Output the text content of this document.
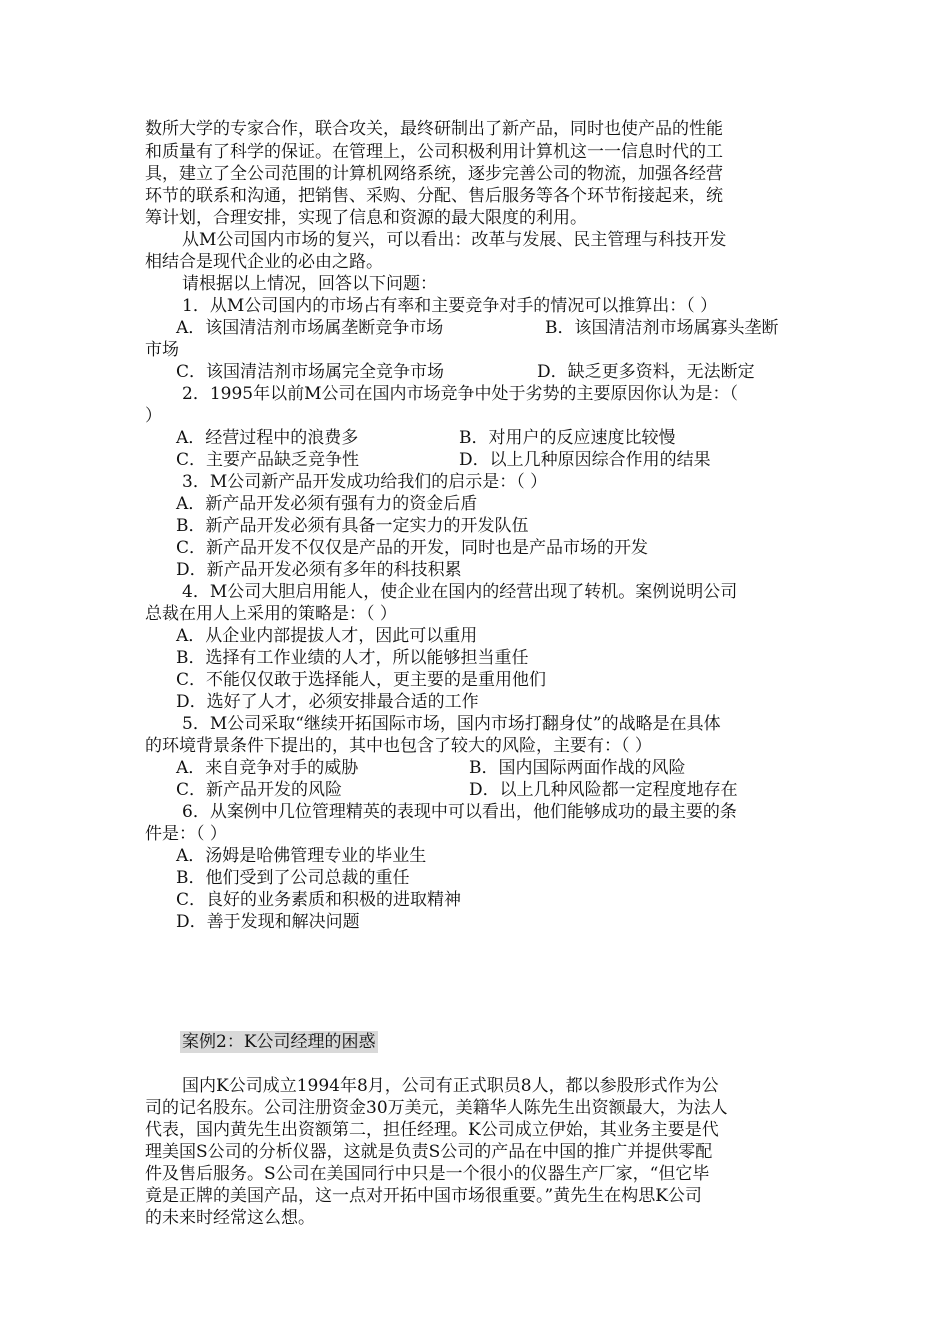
数所大学的专家合作，联合攻关，最终研制出了新产品，同时也使产品的性能

和质量有了科学的保证。在管理上，公司积极利用计算机这一一信息时代的工

具，建立了全公司范围的计算机网络系统，逐步完善公司的物流，加强各经营

环节的联系和沟通，把销售、采购、分配、售后服务等各个环节衔接起来，统

筹计划，合理安排，实现了信息和资源的最大限度的利用。

从M公司国内市场的复兴，可以看出：改革与发展、民主管理与科技开发

相结合是现代企业的必由之路。

请根据以上情况，回答以下问题：

1．从M公司国内的市场占有率和主要竞争对手的情况可以推算出：（ ）

A．该国清洁剂市场属垄断竞争市场	B．该国清洁剂市场属寡头垄断

市场

C．该国清洁剂市场属完全竞争市场	D．缺乏更多资料，无法断定

2．1995年以前M公司在国内市场竞争中处于劣势的主要原因你认为是：（

）

A．经营过程中的浪费多	B．对用户的反应速度比较慢

C．主要产品缺乏竞争性	D．以上几种原因综合作用的结果

3．M公司新产品开发成功给我们的启示是：（ ）

A．新产品开发必须有强有力的资金后盾

B．新产品开发必须有具备一定实力的开发队伍

C．新产品开发不仅仅是产品的开发，同时也是产品市场的开发

D．新产品开发必须有多年的科技积累

4．M公司大胆启用能人，使企业在国内的经营出现了转机。案例说明公司

总裁在用人上采用的策略是：（ ）

A．从企业内部提拔人才，因此可以重用

B．选择有工作业绩的人才，所以能够担当重任

C．不能仅仅敢于选择能人，更主要的是重用他们

D．选好了人才，必须安排最合适的工作

5．M公司采取“继续开拓国际市场，国内市场打翻身仗”的战略是在具体

的环境背景条件下提出的，其中也包含了较大的风险，主要有：（ ）

A．来自竞争对手的威胁	B．国内国际两面作战的风险

C．新产品开发的风险	D．以上几种风险都一定程度地存在

6．从案例中几位管理精英的表现中可以看出，他们能够成功的最主要的条

件是：（ ）

A．汤姆是哈佛管理专业的毕业生

B．他们受到了公司总裁的重任

C．良好的业务素质和积极的进取精神

D．善于发现和解决问题

案例2：K公司经理的困惑

国内K公司成立1994年8月，公司有正式职员8人，都以参股形式作为公

司的记名股东。公司注册资金30万美元，美籍华人陈先生出资额最大，为法人

代表，国内黄先生出资额第二，担任经理。K公司成立伊始，其业务主要是代

理美国S公司的分析仪器，这就是负责S公司的产品在中国的推广并提供零配

件及售后服务。S公司在美国同行中只是一个很小的仪器生产厂家，“但它毕

竟是正牌的美国产品，这一点对开拓中国市场很重要。”黄先生在构思K公司

的未来时经常这么想。
